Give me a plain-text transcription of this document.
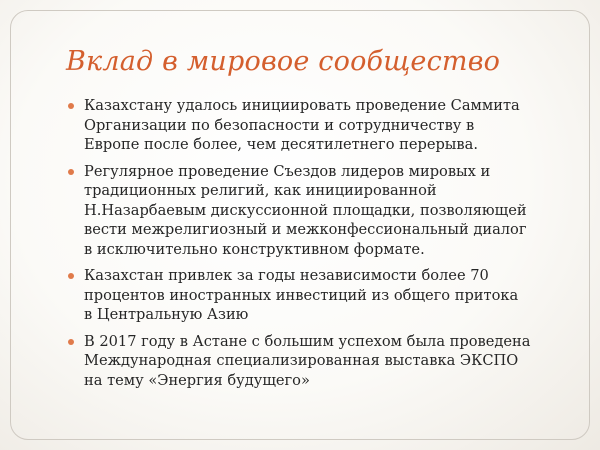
Вклад в мировое сообщество
Казахстану удалось инициировать проведение Саммита
Организации по безопасности и сотрудничеству в
Европе после более, чем десятилетнего перерыва.
Регулярное проведение Съездов лидеров мировых и
традиционных религий, как инициированной
Н.Назарбаевым дискуссионной площадки, позволяющей
вести межрелигиозный и межконфессиональный диалог
в исключительно конструктивном формате.
Казахстан привлек за годы независимости более 70
процентов иностранных инвестиций из общего притока
в Центральную Азию
В 2017 году в Астане с большим успехом была проведена
Международная специализированная выставка ЭКСПО
на тему «Энергия будущего»
